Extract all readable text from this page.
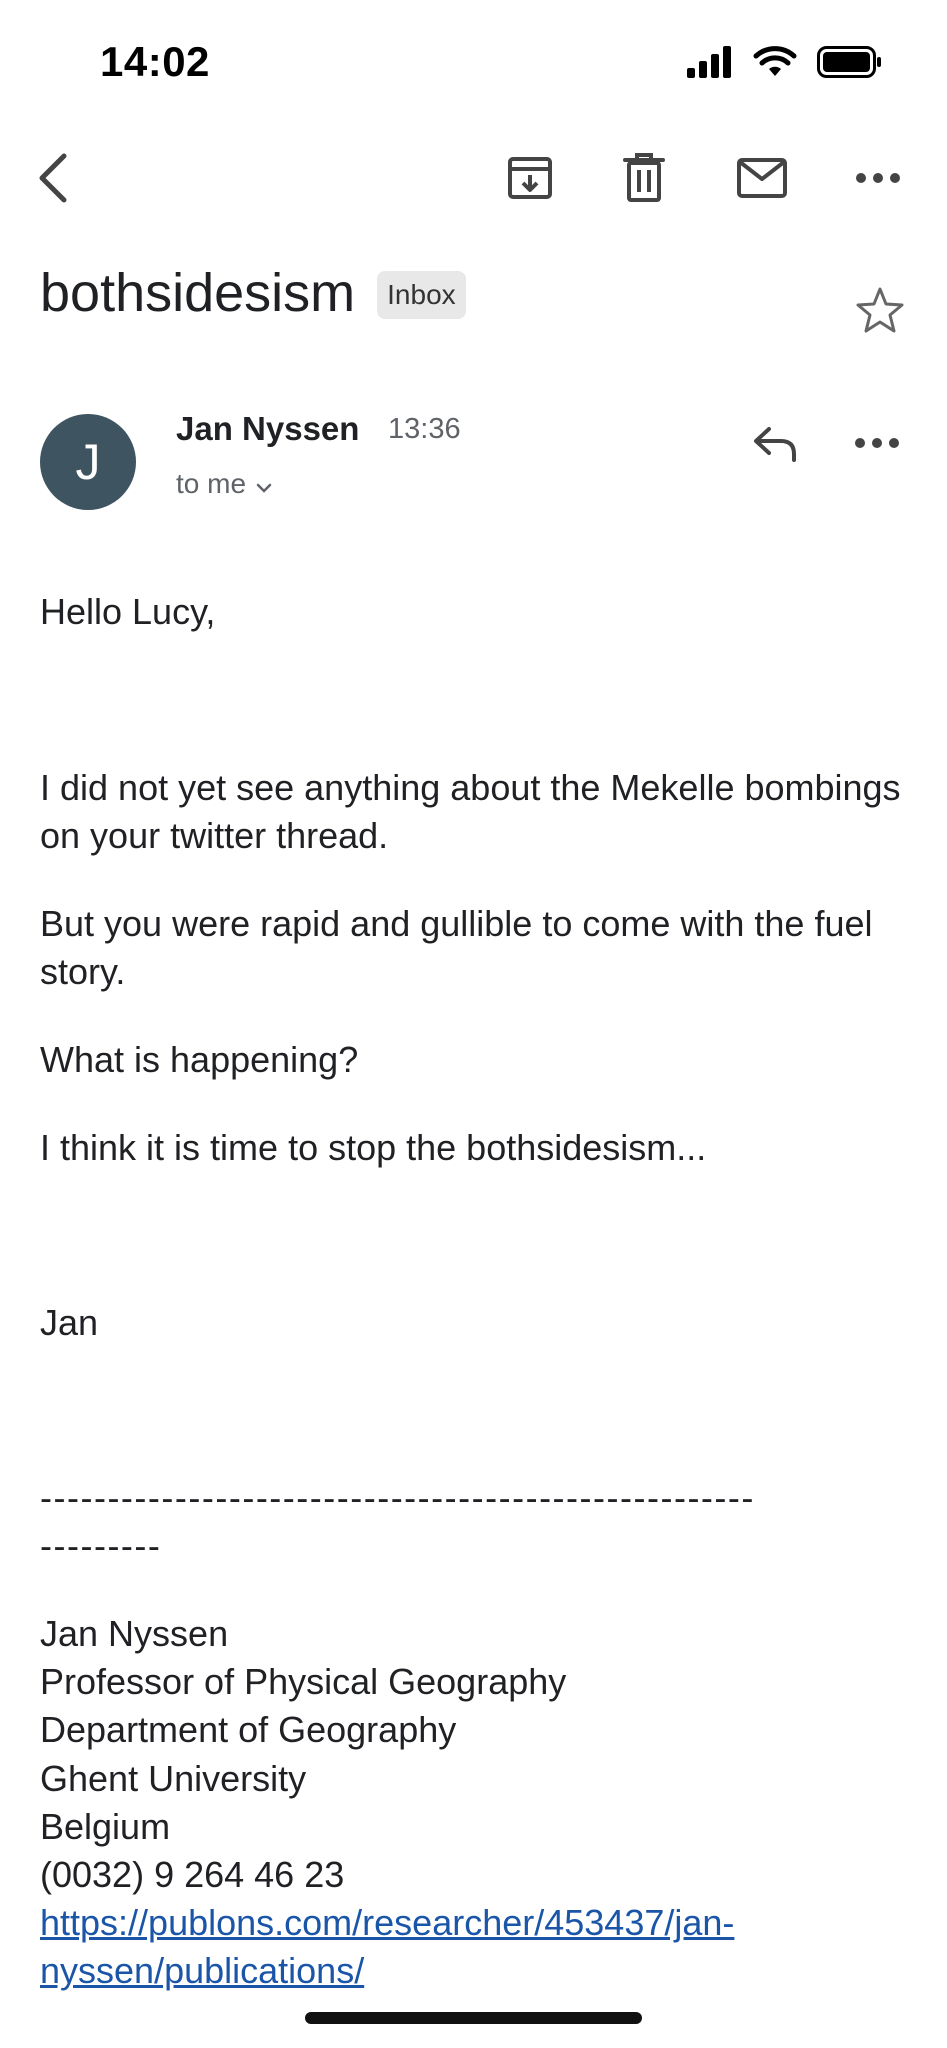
14:02
bothsidesism	Inbox
J
Jan Nyssen 13:36
to me

Hello Lucy,

I did not yet see anything about the Mekelle bombings on your twitter thread.

But you were rapid and gullible to come with the fuel story.

What is happening?

I think it is time to stop the bothsidesism...

Jan

-----------------------------------------------------

---------

Jan Nyssen

Professor of Physical Geography

Department of Geography

Ghent University

Belgium

(0032) 9 264 46 23

https://publons.com/researcher/453437/jan-

nyssen/publications/
